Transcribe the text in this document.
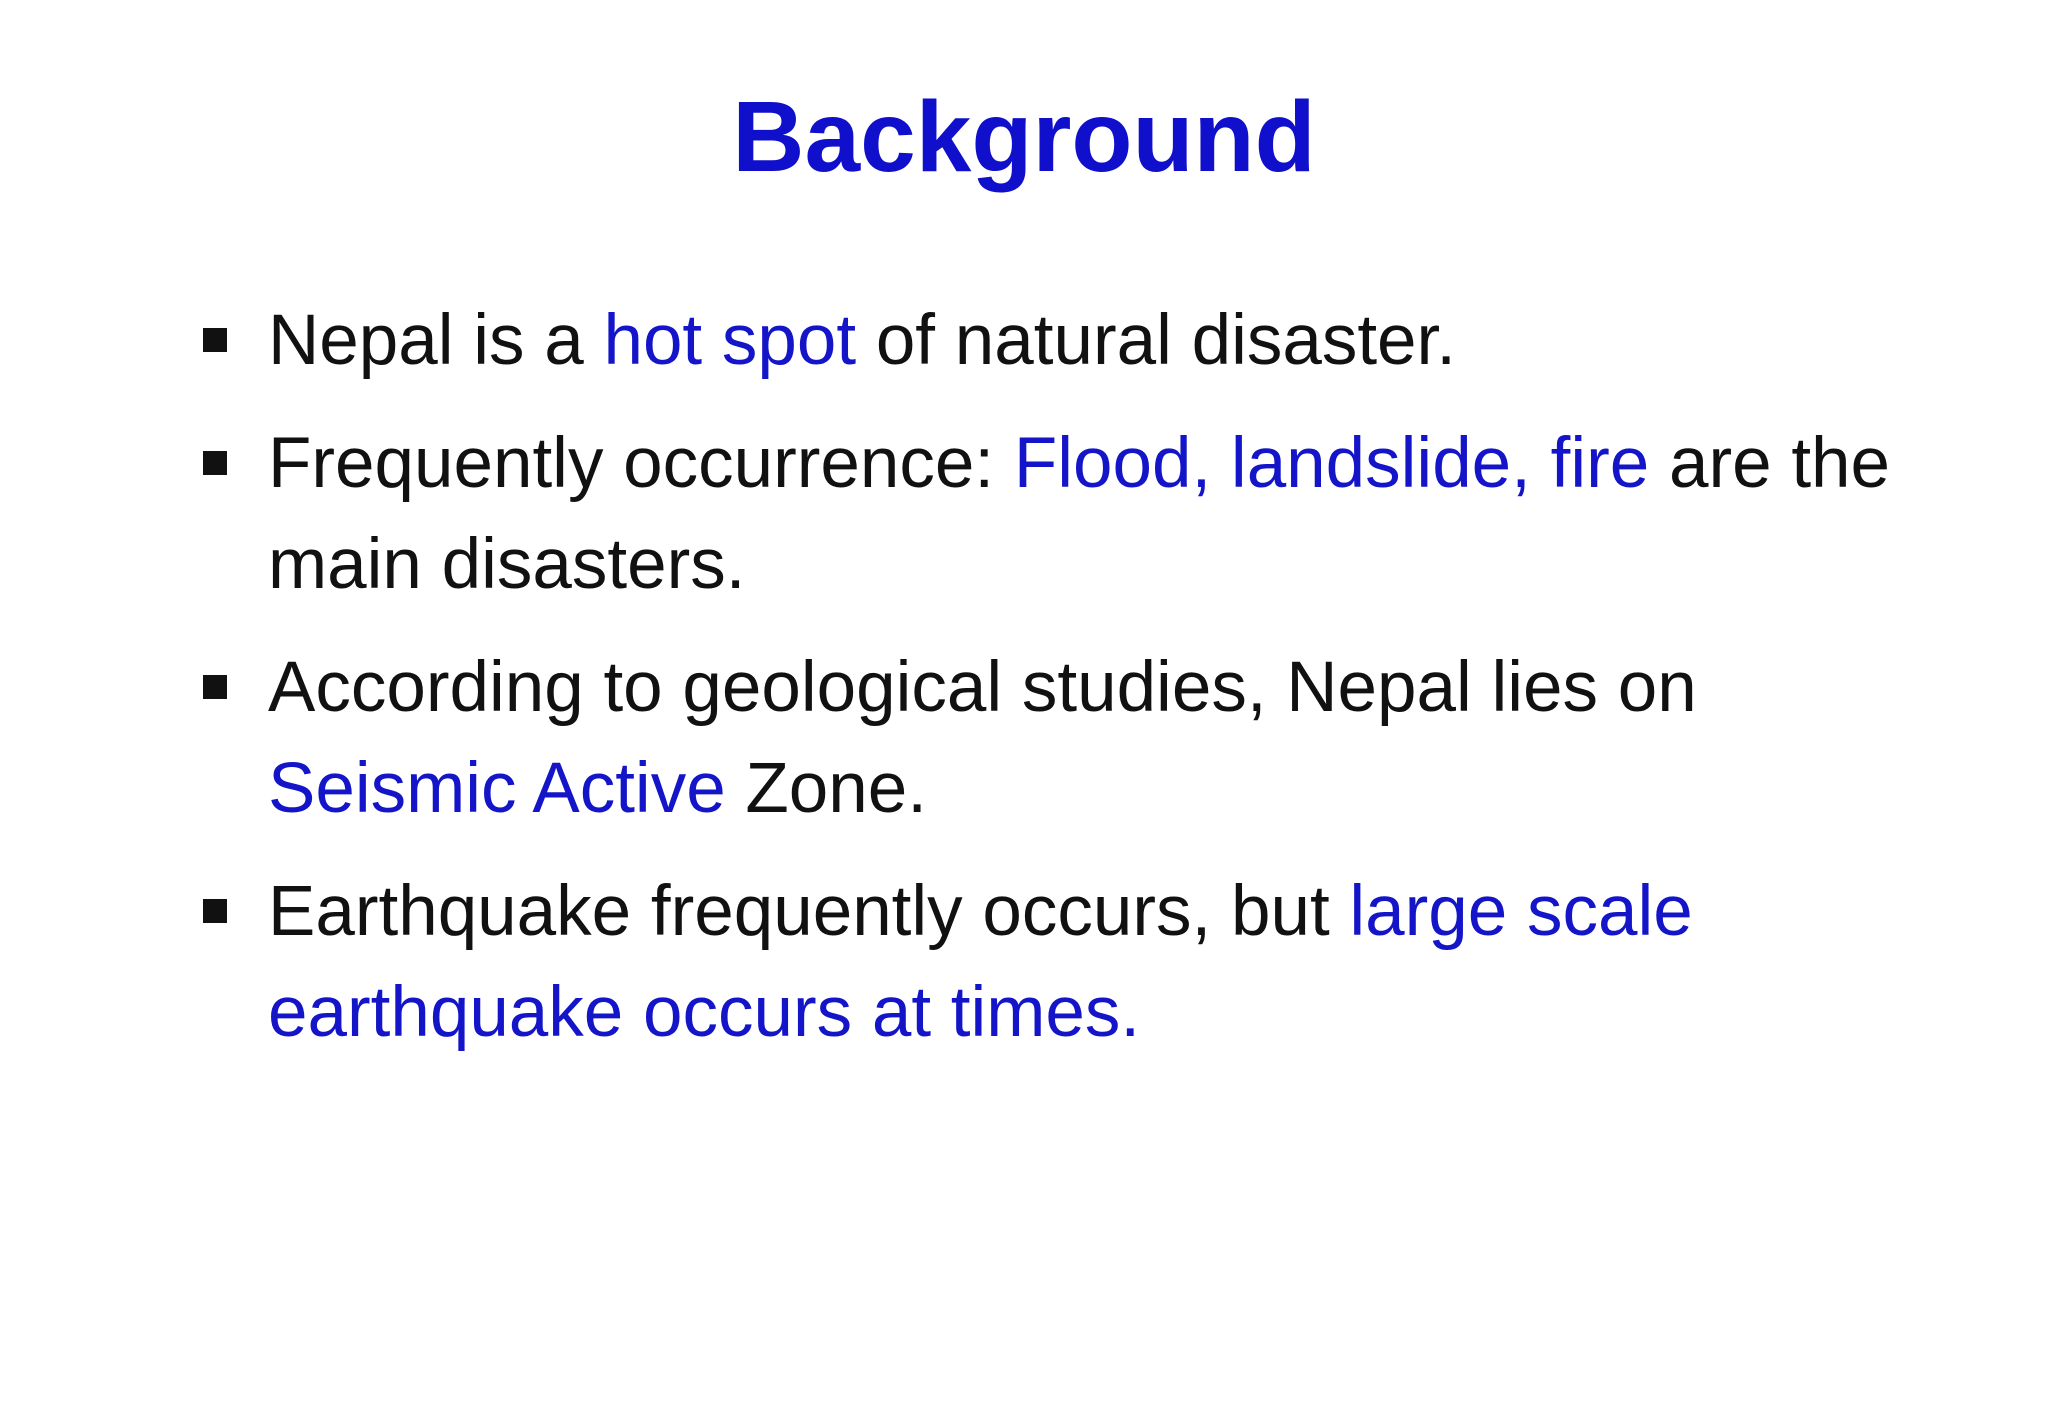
Background
Nepal is a hot spot of natural disaster.
Frequently occurrence: Flood, landslide, fire are the main disasters.
According to geological studies, Nepal lies on Seismic Active Zone.
Earthquake frequently occurs, but large scale earthquake occurs at times.
